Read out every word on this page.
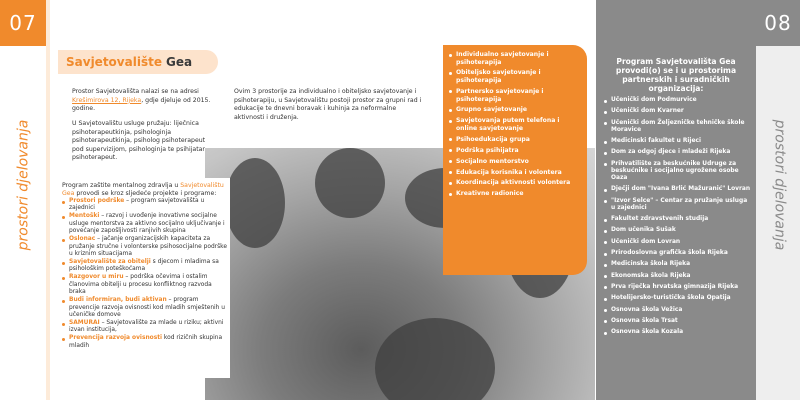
07
prostori djelovanja
Savjetovalište Gea
Prostor Savjetovališta nalazi se na adresi Krešimirova 12, Rijeka, gdje djeluje od 2015. godine.
U Savjetovalištu usluge pružaju: liječnica psihoterapeutkinja, psihologinja psihoterapeutkinja, psiholog psihoterapeut pod supervizijom, psihologinja te psihijatar psihoterapeut.
Ovim 3 prostorije za individualno i obiteljsko savjetovanje i psihoterapiju, u Savjetovalištu postoji prostor za grupni rad i edukacije te dnevni boravak i kuhinja za neformalne aktivnosti i druženja.
Program zaštite mentalnog zdravlja u Savjetovalištu Gea provodi se kroz sljedeće projekte i programe:
Prostori podrške – program savjetovališta u zajednici
Mentoški – razvoj i uvođenje inovativne socijalne usluge mentorstva za aktivno socijalno uključivanje i povećanje zapošljivosti ranjivih skupina
Oslonac – jačanje organizacijskih kapaciteta za pružanje stručne i volonterske psihosocijalne podrške u kriznim situacijama
Savjetovalište za obitelji s djecom i mladima sa psihološkim poteškoćama
Razgovor u miru – podrška očevima i ostalim članovima obitelji u procesu konfliktnog razvoda braka
Budi informiran, budi aktivan – program prevencije razvoja ovisnosti kod mladih smještenih u učeničke domove
SAMURAI – Savjetovalište za mlade u riziku; aktivni izvan institucija,
Prevencija razvoja ovisnosti kod rizičnih skupina mladih
Individualno savjetovanje i psihoterapija
Obiteljsko savjetovanje i psihoterapija
Partnersko savjetovanje i psihoterapija
Grupno savjetovanje
Savjetovanja putem telefona i online savjetovanje
Psihoedukacija grupa
Podrška psihijatra
Socijalno mentorstvo
Edukacija korisnika i volontera
Koordinacija aktivnosti volontera
Kreativne radionice
08
prostori djelovanja
Program Savjetovališta Gea provodi(o) se i u prostorima partnerskih i suradničkih organizacija:
Učenički dom Podmurvice
Učenički dom Kvarner
Učenički dom Željezničke tehničke škole Moravice
Medicinski fakultet u Rijeci
Dom za odgoj djece i mladeži Rijeka
Prihvatilište za beskućnike Udruge za beskućnike i socijalno ugrožene osobe Oaza
Dječji dom "Ivana Brlić Mažuranić" Lovran
"Izvor Selce" – Centar za pružanje usluga u zajednici
Fakultet zdravstvenih studija
Dom učenika Sušak
Učenički dom Lovran
Prirodoslovna grafička škola Rijeka
Medicinska škola Rijeka
Ekonomska škola Rijeka
Prva riječka hrvatska gimnazija Rijeka
Hotelijersko-turistička škola Opatija
Osnovna škola Vežica
Osnovna škola Trsat
Osnovna škola Kozala
